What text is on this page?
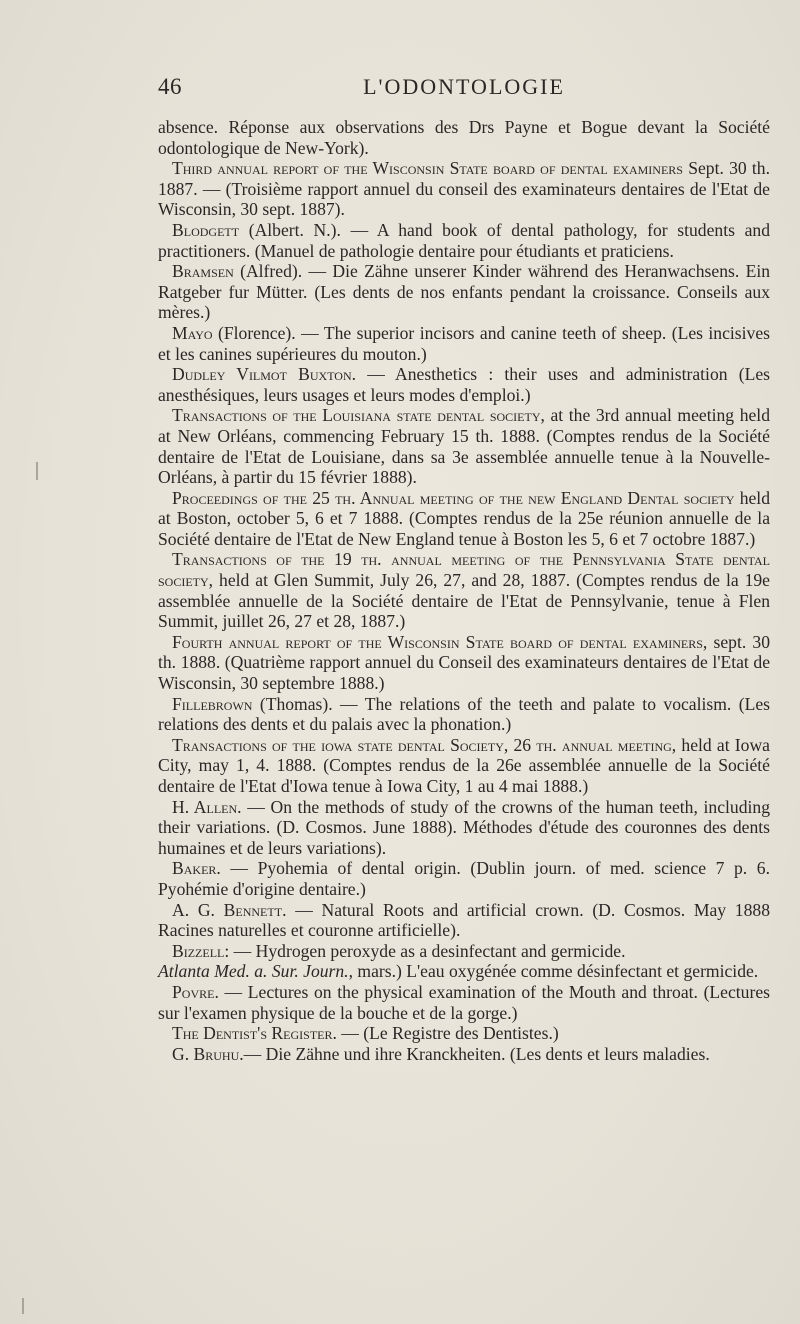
46	L'ODONTOLOGIE

absence. Réponse aux observations des Drs Payne et Bogue devant la Société odontologique de New-York).

Third annual report of the Wisconsin State board of dental examiners Sept. 30 th. 1887. — (Troisième rapport annuel du conseil des examinateurs dentaires de l'Etat de Wisconsin, 30 sept. 1887).

Blodgett (Albert. N.). — A hand book of dental pathology, for students and practitioners. (Manuel de pathologie dentaire pour étudiants et praticiens.

Bramsen (Alfred). — Die Zähne unserer Kinder während des Heranwachsens. Ein Ratgeber fur Mütter. (Les dents de nos enfants pendant la croissance. Conseils aux mères.)

Mayo (Florence). — The superior incisors and canine teeth of sheep. (Les incisives et les canines supérieures du mouton.)

Dudley Vilmot Buxton. — Anesthetics : their uses and administration (Les anesthésiques, leurs usages et leurs modes d'emploi.)

Transactions of the Louisiana state dental society, at the 3rd annual meeting held at New Orléans, commencing February 15 th. 1888. (Comptes rendus de la Société dentaire de l'Etat de Louisiane, dans sa 3e assemblée annuelle tenue à la Nouvelle-Orléans, à partir du 15 février 1888).

Proceedings of the 25 th. Annual meeting of the new England Dental society held at Boston, october 5, 6 et 7 1888. (Comptes rendus de la 25e réunion annuelle de la Société dentaire de l'Etat de New England tenue à Boston les 5, 6 et 7 octobre 1887.)

Transactions of the 19 th. annual meeting of the Pennsylvania State dental society, held at Glen Summit, July 26, 27, and 28, 1887. (Comptes rendus de la 19e assemblée annuelle de la Société dentaire de l'Etat de Pennsylvanie, tenue à Flen Summit, juillet 26, 27 et 28, 1887.)

Fourth annual report of the Wisconsin State board of dental examiners, sept. 30 th. 1888. (Quatrième rapport annuel du Conseil des examinateurs dentaires de l'Etat de Wisconsin, 30 septembre 1888.)

Fillebrown (Thomas). — The relations of the teeth and palate to vocalism. (Les relations des dents et du palais avec la phonation.)

Transactions of the iowa state dental Society, 26 th. annual meeting, held at Iowa City, may 1, 4. 1888. (Comptes rendus de la 26e assemblée annuelle de la Société dentaire de l'Etat d'Iowa tenue à Iowa City, 1 au 4 mai 1888.)

H. Allen. — On the methods of study of the crowns of the human teeth, including their variations. (D. Cosmos. June 1888). Méthodes d'étude des couronnes des dents humaines et de leurs variations).

Baker. — Pyohemia of dental origin. (Dublin journ. of med. science 7 p. 6. Pyohémie d'origine dentaire.)

A. G. Bennett. — Natural Roots and artificial crown. (D. Cosmos. May 1888 Racines naturelles et couronne artificielle).

Bizzell: — Hydrogen peroxyde as a desinfectant and germicide.
Atlanta Med. a. Sur. Journ., mars.) L'eau oxygénée comme désinfectant et germicide.

Povre. — Lectures on the physical examination of the Mouth and throat. (Lectures sur l'examen physique de la bouche et de la gorge.)

The Dentist's Register. — (Le Registre des Dentistes.)

G. Bruhu.— Die Zähne und ihre Kranckheiten. (Les dents et leurs maladies.
